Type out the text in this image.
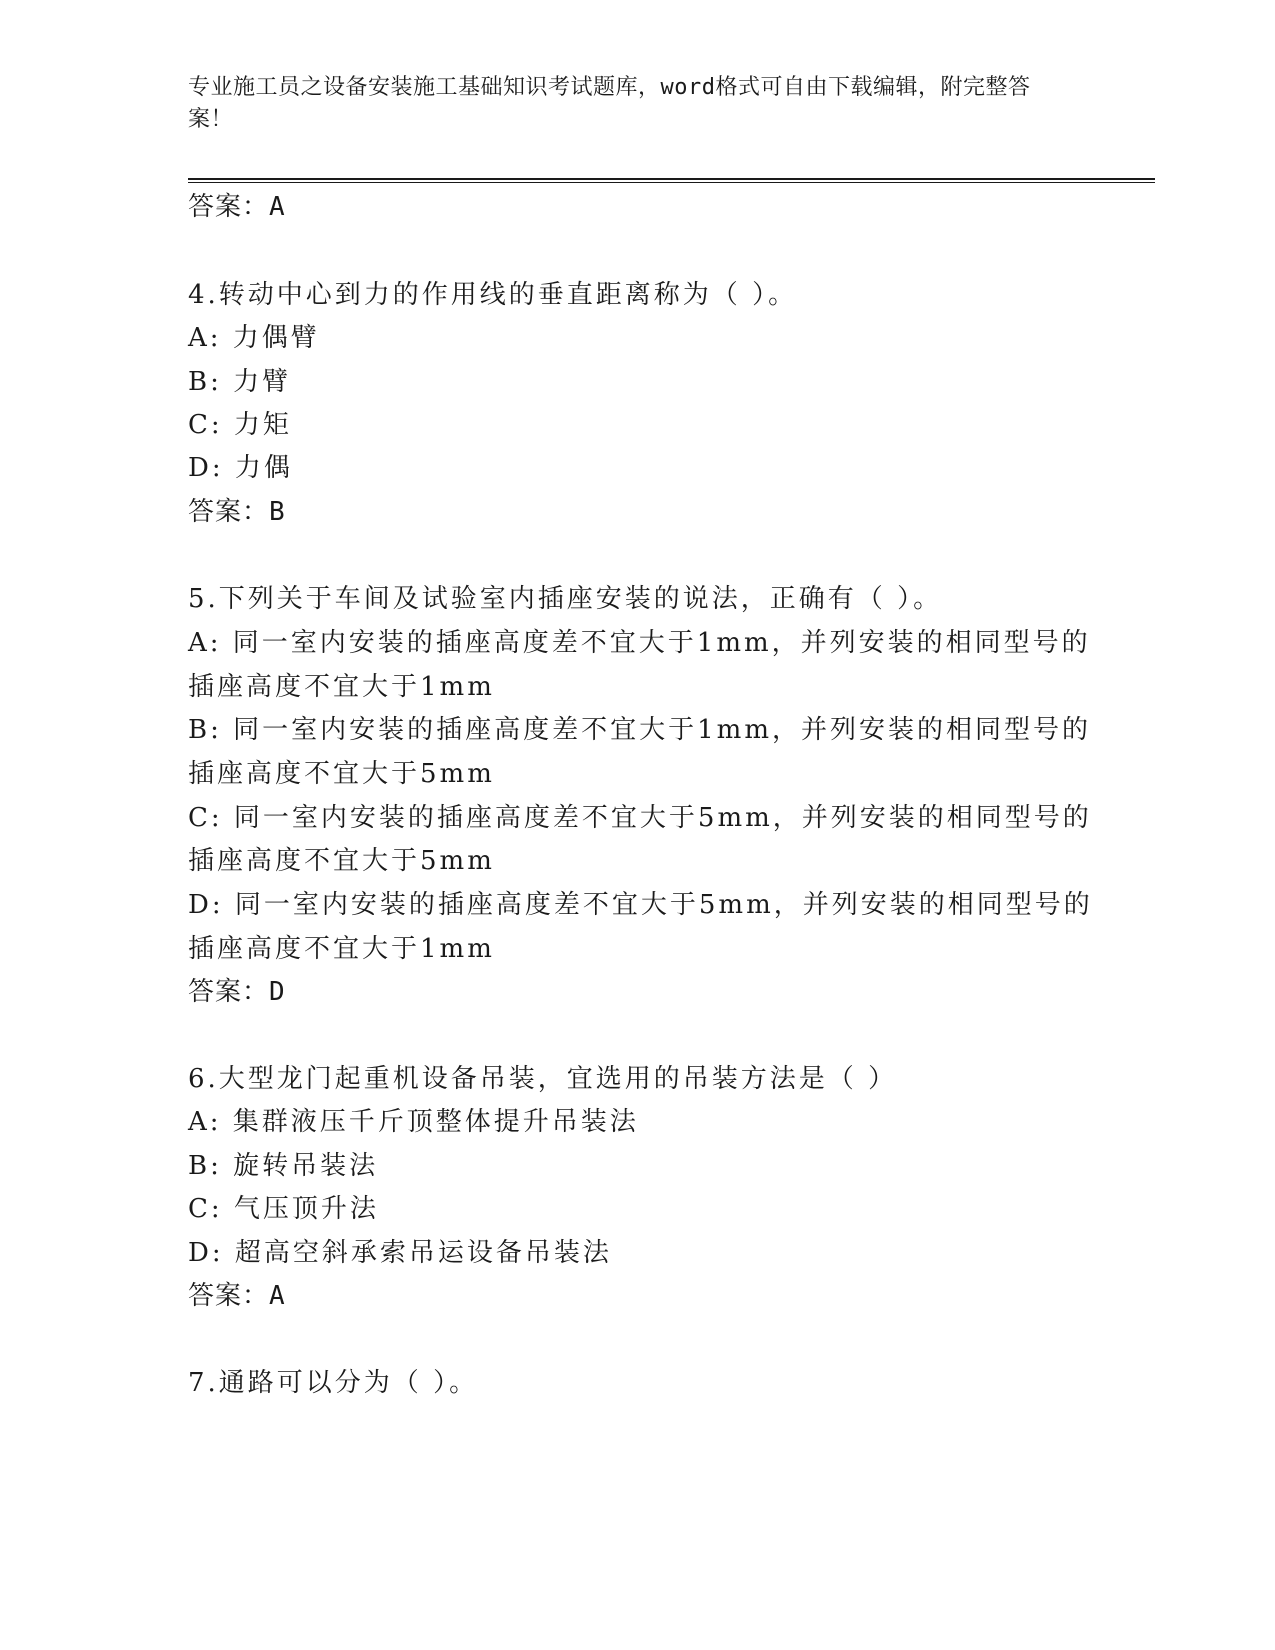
专业施工员之设备安装施工基础知识考试题库，word格式可自由下载编辑，附完整答案！
答案：A
4.转动中心到力的作用线的垂直距离称为（ ）。
A: 力偶臂
B: 力臂
C: 力矩
D: 力偶
答案：B
5.下列关于车间及试验室内插座安装的说法，正确有（ ）。
A: 同一室内安装的插座高度差不宜大于1mm，并列安装的相同型号的
插座高度不宜大于1mm
B: 同一室内安装的插座高度差不宜大于1mm，并列安装的相同型号的
插座高度不宜大于5mm
C: 同一室内安装的插座高度差不宜大于5mm，并列安装的相同型号的
插座高度不宜大于5mm
D: 同一室内安装的插座高度差不宜大于5mm，并列安装的相同型号的
插座高度不宜大于1mm
答案：D
6.大型龙门起重机设备吊装，宜选用的吊装方法是（ ）
A: 集群液压千斤顶整体提升吊装法
B: 旋转吊装法
C: 气压顶升法
D: 超高空斜承索吊运设备吊装法
答案：A
7.通路可以分为（ ）。
